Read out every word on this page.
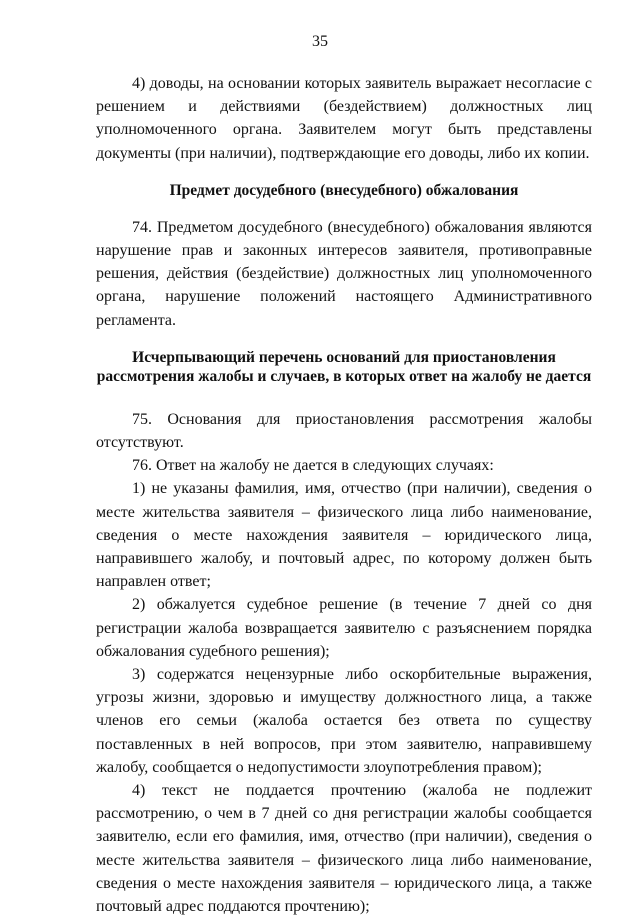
35

4) доводы, на основании которых заявитель выражает несогласие с решением и действиями (бездействием) должностных лиц уполномоченного органа. Заявителем могут быть представлены документы (при наличии), подтверждающие его доводы, либо их копии.

Предмет досудебного (внесудебного) обжалования

74. Предметом досудебного (внесудебного) обжалования являются нарушение прав и законных интересов заявителя, противоправные решения, действия (бездействие) должностных лиц уполномоченного органа, нарушение положений настоящего Административного регламента.

Исчерпывающий перечень оснований для приостановления рассмотрения жалобы и случаев, в которых ответ на жалобу не дается

75. Основания для приостановления рассмотрения жалобы отсутствуют.

76. Ответ на жалобу не дается в следующих случаях:

1) не указаны фамилия, имя, отчество (при наличии), сведения о месте жительства заявителя – физического лица либо наименование, сведения о месте нахождения заявителя – юридического лица, направившего жалобу, и почтовый адрес, по которому должен быть направлен ответ;

2) обжалуется судебное решение (в течение 7 дней со дня регистрации жалоба возвращается заявителю с разъяснением порядка обжалования судебного решения);

3) содержатся нецензурные либо оскорбительные выражения, угрозы жизни, здоровью и имуществу должностного лица, а также членов его семьи (жалоба остается без ответа по существу поставленных в ней вопросов, при этом заявителю, направившему жалобу, сообщается о недопустимости злоупотребления правом);

4) текст не поддается прочтению (жалоба не подлежит рассмотрению, о чем в 7 дней со дня регистрации жалобы сообщается заявителю, если его фамилия, имя, отчество (при наличии), сведения о месте жительства заявителя – физического лица либо наименование, сведения о месте нахождения заявителя – юридического лица, а также почтовый адрес поддаются прочтению);
